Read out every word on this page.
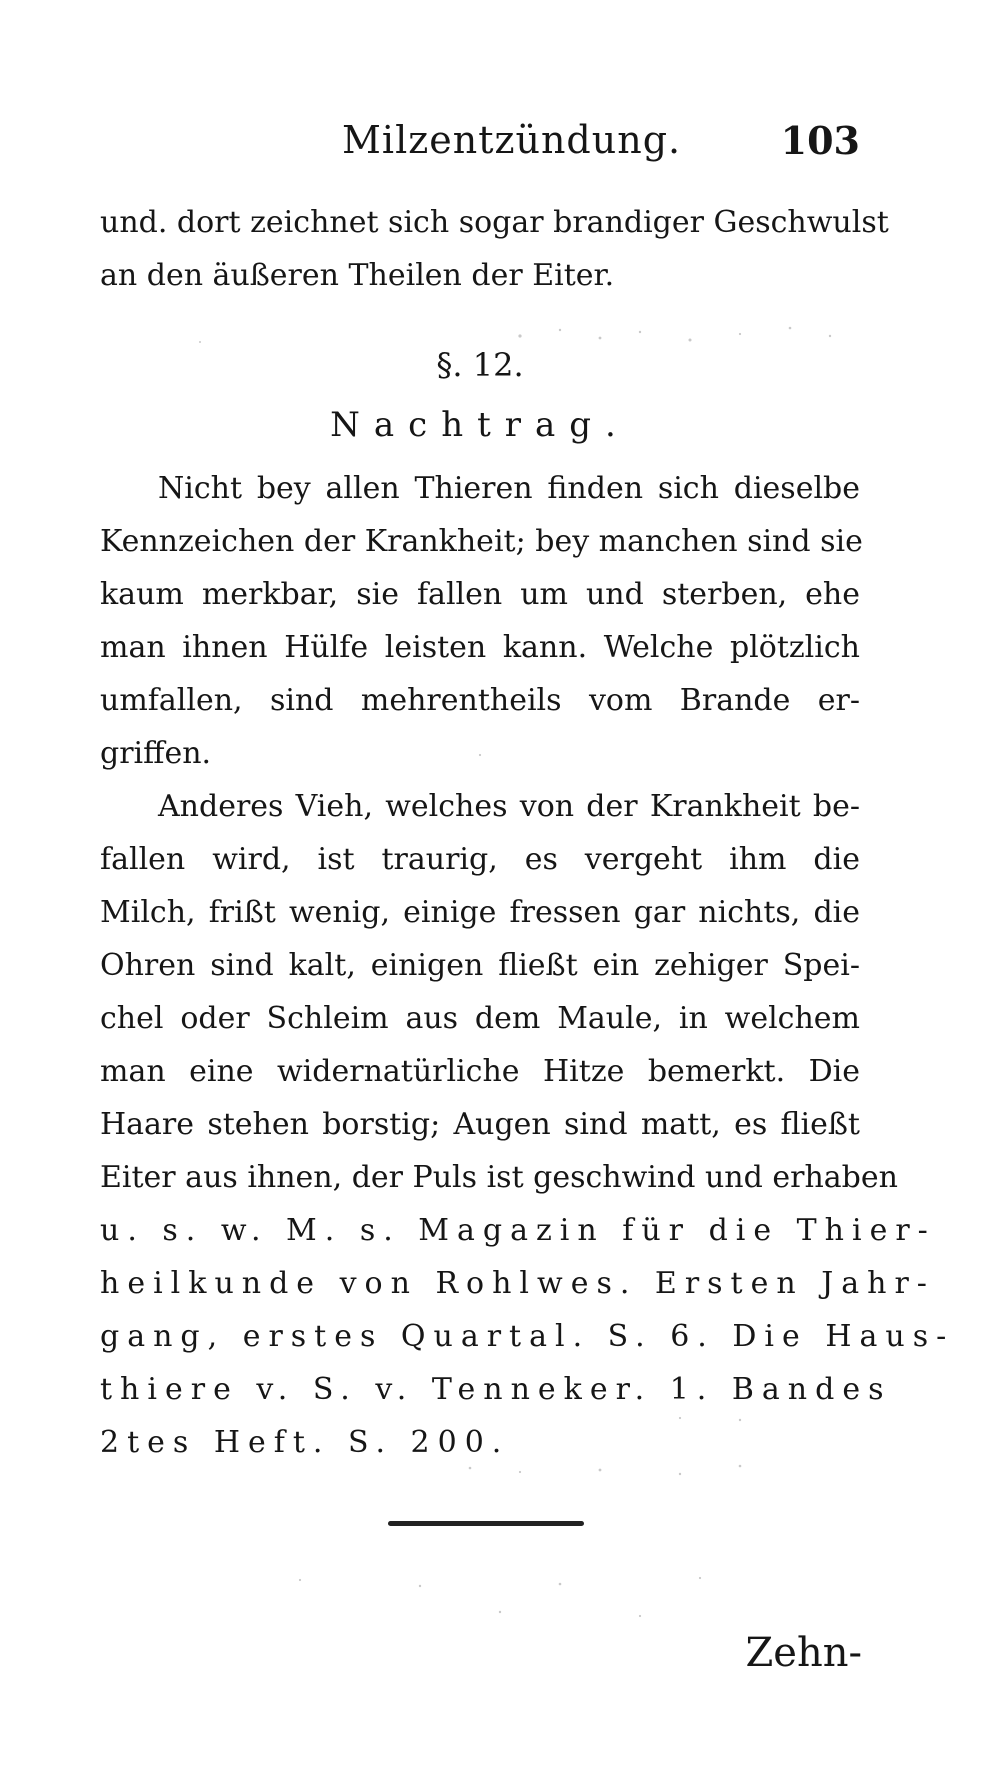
Milzentzündung.	103
und. dort zeichnet sich sogar brandiger Geschwulst
an den äußeren Theilen der Eiter.
§. 12.
Nachtrag.
Nicht bey allen Thieren finden sich dieselbe
Kennzeichen der Krankheit; bey manchen sind sie
kaum merkbar, sie fallen um und sterben, ehe
man ihnen Hülfe leisten kann. Welche plötzlich
umfallen, sind mehrentheils vom Brande er-
griffen.
Anderes Vieh, welches von der Krankheit be-
fallen wird, ist traurig, es vergeht ihm die
Milch, frißt wenig, einige fressen gar nichts, die
Ohren sind kalt, einigen fließt ein zehiger Spei-
chel oder Schleim aus dem Maule, in welchem
man eine widernatürliche Hitze bemerkt. Die
Haare stehen borstig; Augen sind matt, es fließt
Eiter aus ihnen, der Puls ist geschwind und erhaben
u. s. w. M. s. Magazin für die Thier-
heilkunde von Rohlwes. Ersten Jahr-
gang, erstes Quartal. S. 6. Die Haus-
thiere v. S. v. Tenneker. 1. Bandes
2tes Heft. S. 200.
Zehn-
